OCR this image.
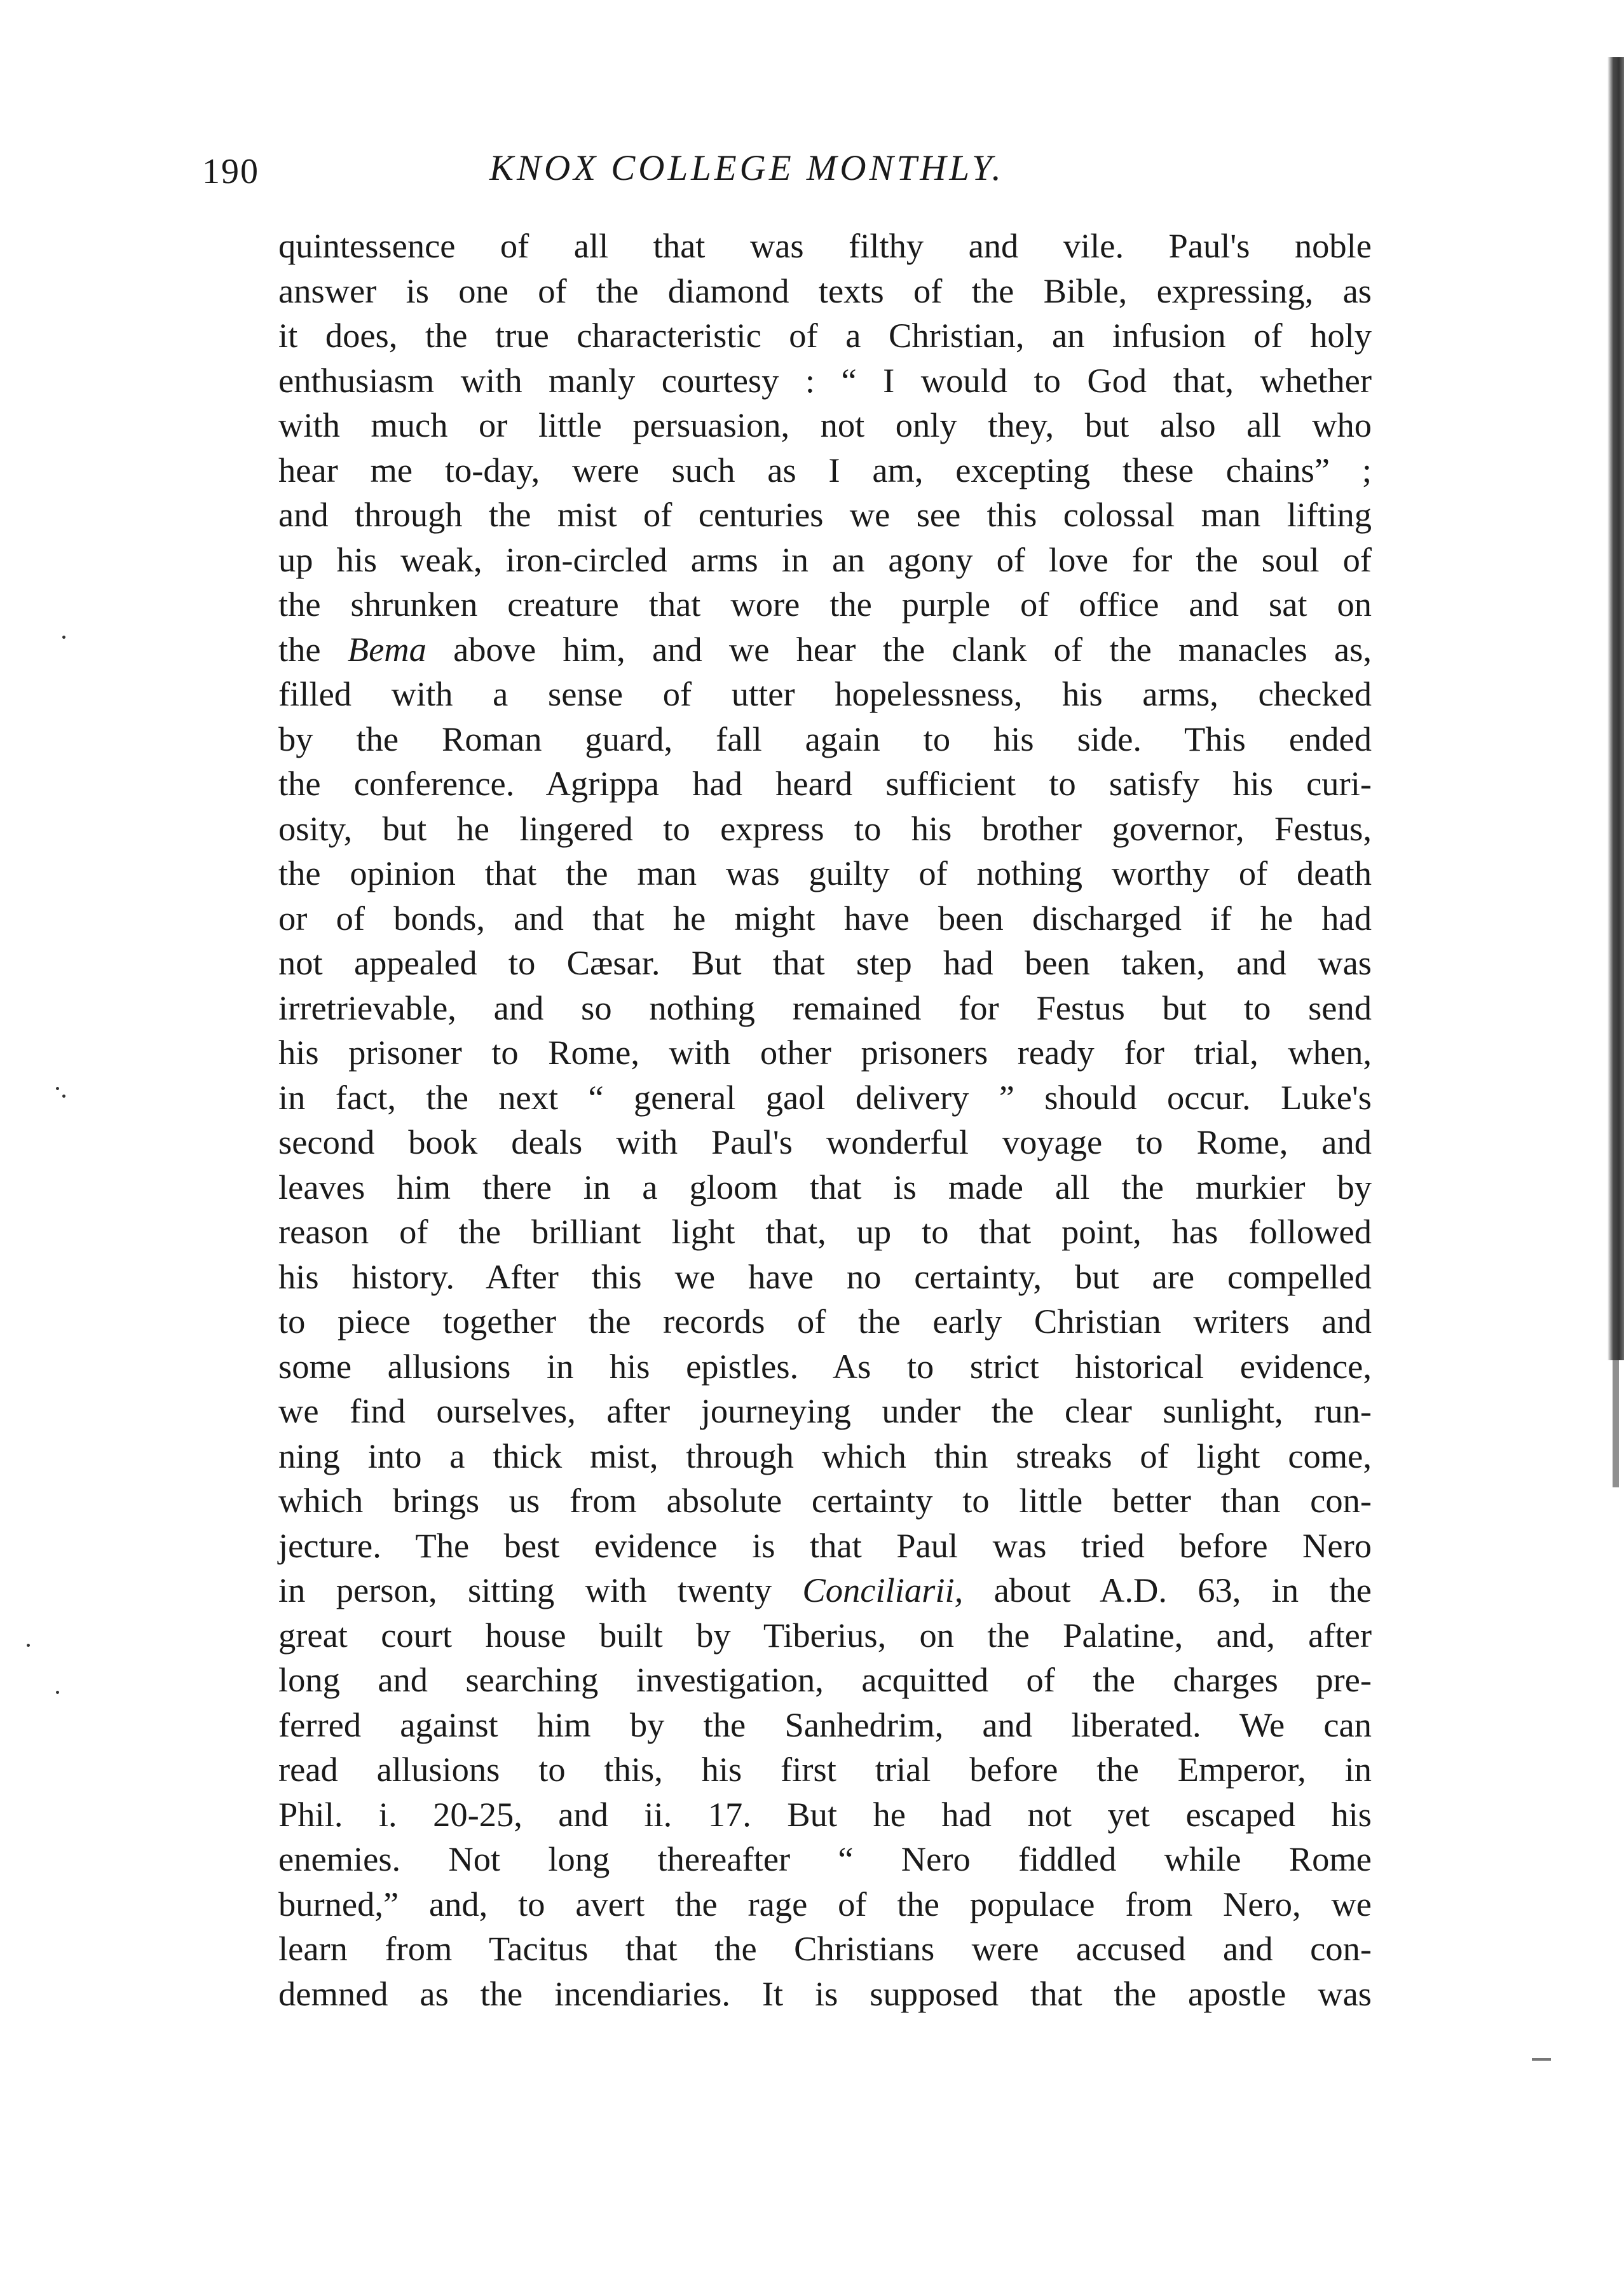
190	KNOX COLLEGE MONTHLY.
quintessence of all that was filthy and vile. Paul's noble
answer is one of the diamond texts of the Bible, expressing, as
it does, the true characteristic of a Christian, an infusion of holy
enthusiasm with manly courtesy : “ I would to God that, whether
with much or little persuasion, not only they, but also all who
hear me to-day, were such as I am, excepting these chains” ;
and through the mist of centuries we see this colossal man lifting
up his weak, iron-circled arms in an agony of love for the soul of
the shrunken creature that wore the purple of office and sat on
the Bema above him, and we hear the clank of the manacles as,
filled with a sense of utter hopelessness, his arms, checked
by the Roman guard, fall again to his side. This ended
the conference. Agrippa had heard sufficient to satisfy his curi-
osity, but he lingered to express to his brother governor, Festus,
the opinion that the man was guilty of nothing worthy of death
or of bonds, and that he might have been discharged if he had
not appealed to Cæsar. But that step had been taken, and was
irretrievable, and so nothing remained for Festus but to send
his prisoner to Rome, with other prisoners ready for trial, when,
in fact, the next “ general gaol delivery ” should occur. Luke's
second book deals with Paul's wonderful voyage to Rome, and
leaves him there in a gloom that is made all the murkier by
reason of the brilliant light that, up to that point, has followed
his history. After this we have no certainty, but are compelled
to piece together the records of the early Christian writers and
some allusions in his epistles. As to strict historical evidence,
we find ourselves, after journeying under the clear sunlight, run-
ning into a thick mist, through which thin streaks of light come,
which brings us from absolute certainty to little better than con-
jecture. The best evidence is that Paul was tried before Nero
in person, sitting with twenty Conciliarii, about A.D. 63, in the
great court house built by Tiberius, on the Palatine, and, after
long and searching investigation, acquitted of the charges pre-
ferred against him by the Sanhedrim, and liberated. We can
read allusions to this, his first trial before the Emperor, in
Phil. i. 20-25, and ii. 17. But he had not yet escaped his
enemies. Not long thereafter “ Nero fiddled while Rome
burned,” and, to avert the rage of the populace from Nero, we
learn from Tacitus that the Christians were accused and con-
demned as the incendiaries. It is supposed that the apostle was
